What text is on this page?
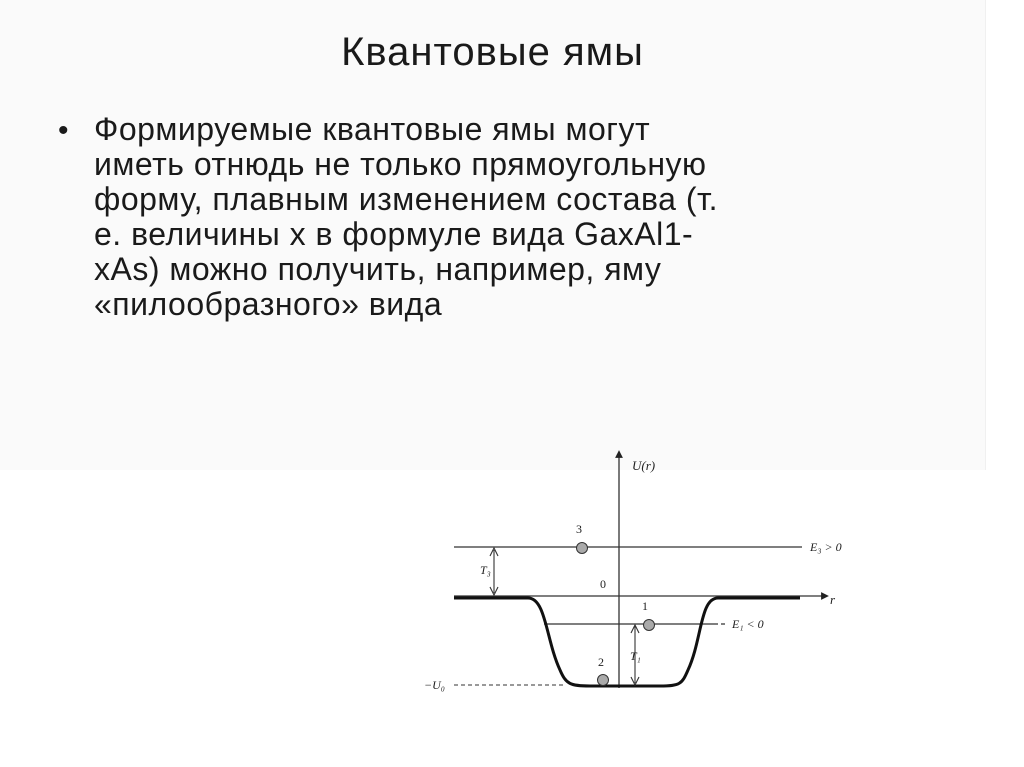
Квантовые ямы
• Формируемые квантовые ямы могут
иметь отнюдь не только прямоугольную
форму, плавным изменением состава (т.
е. величины x в формуле вида GaxAl1-
xAs) можно получить, например, яму
«пилообразного» вида
U(r)
r
0
3
1
2
E₃ > 0
E₁ < 0
T₃
T₁
−U₀
